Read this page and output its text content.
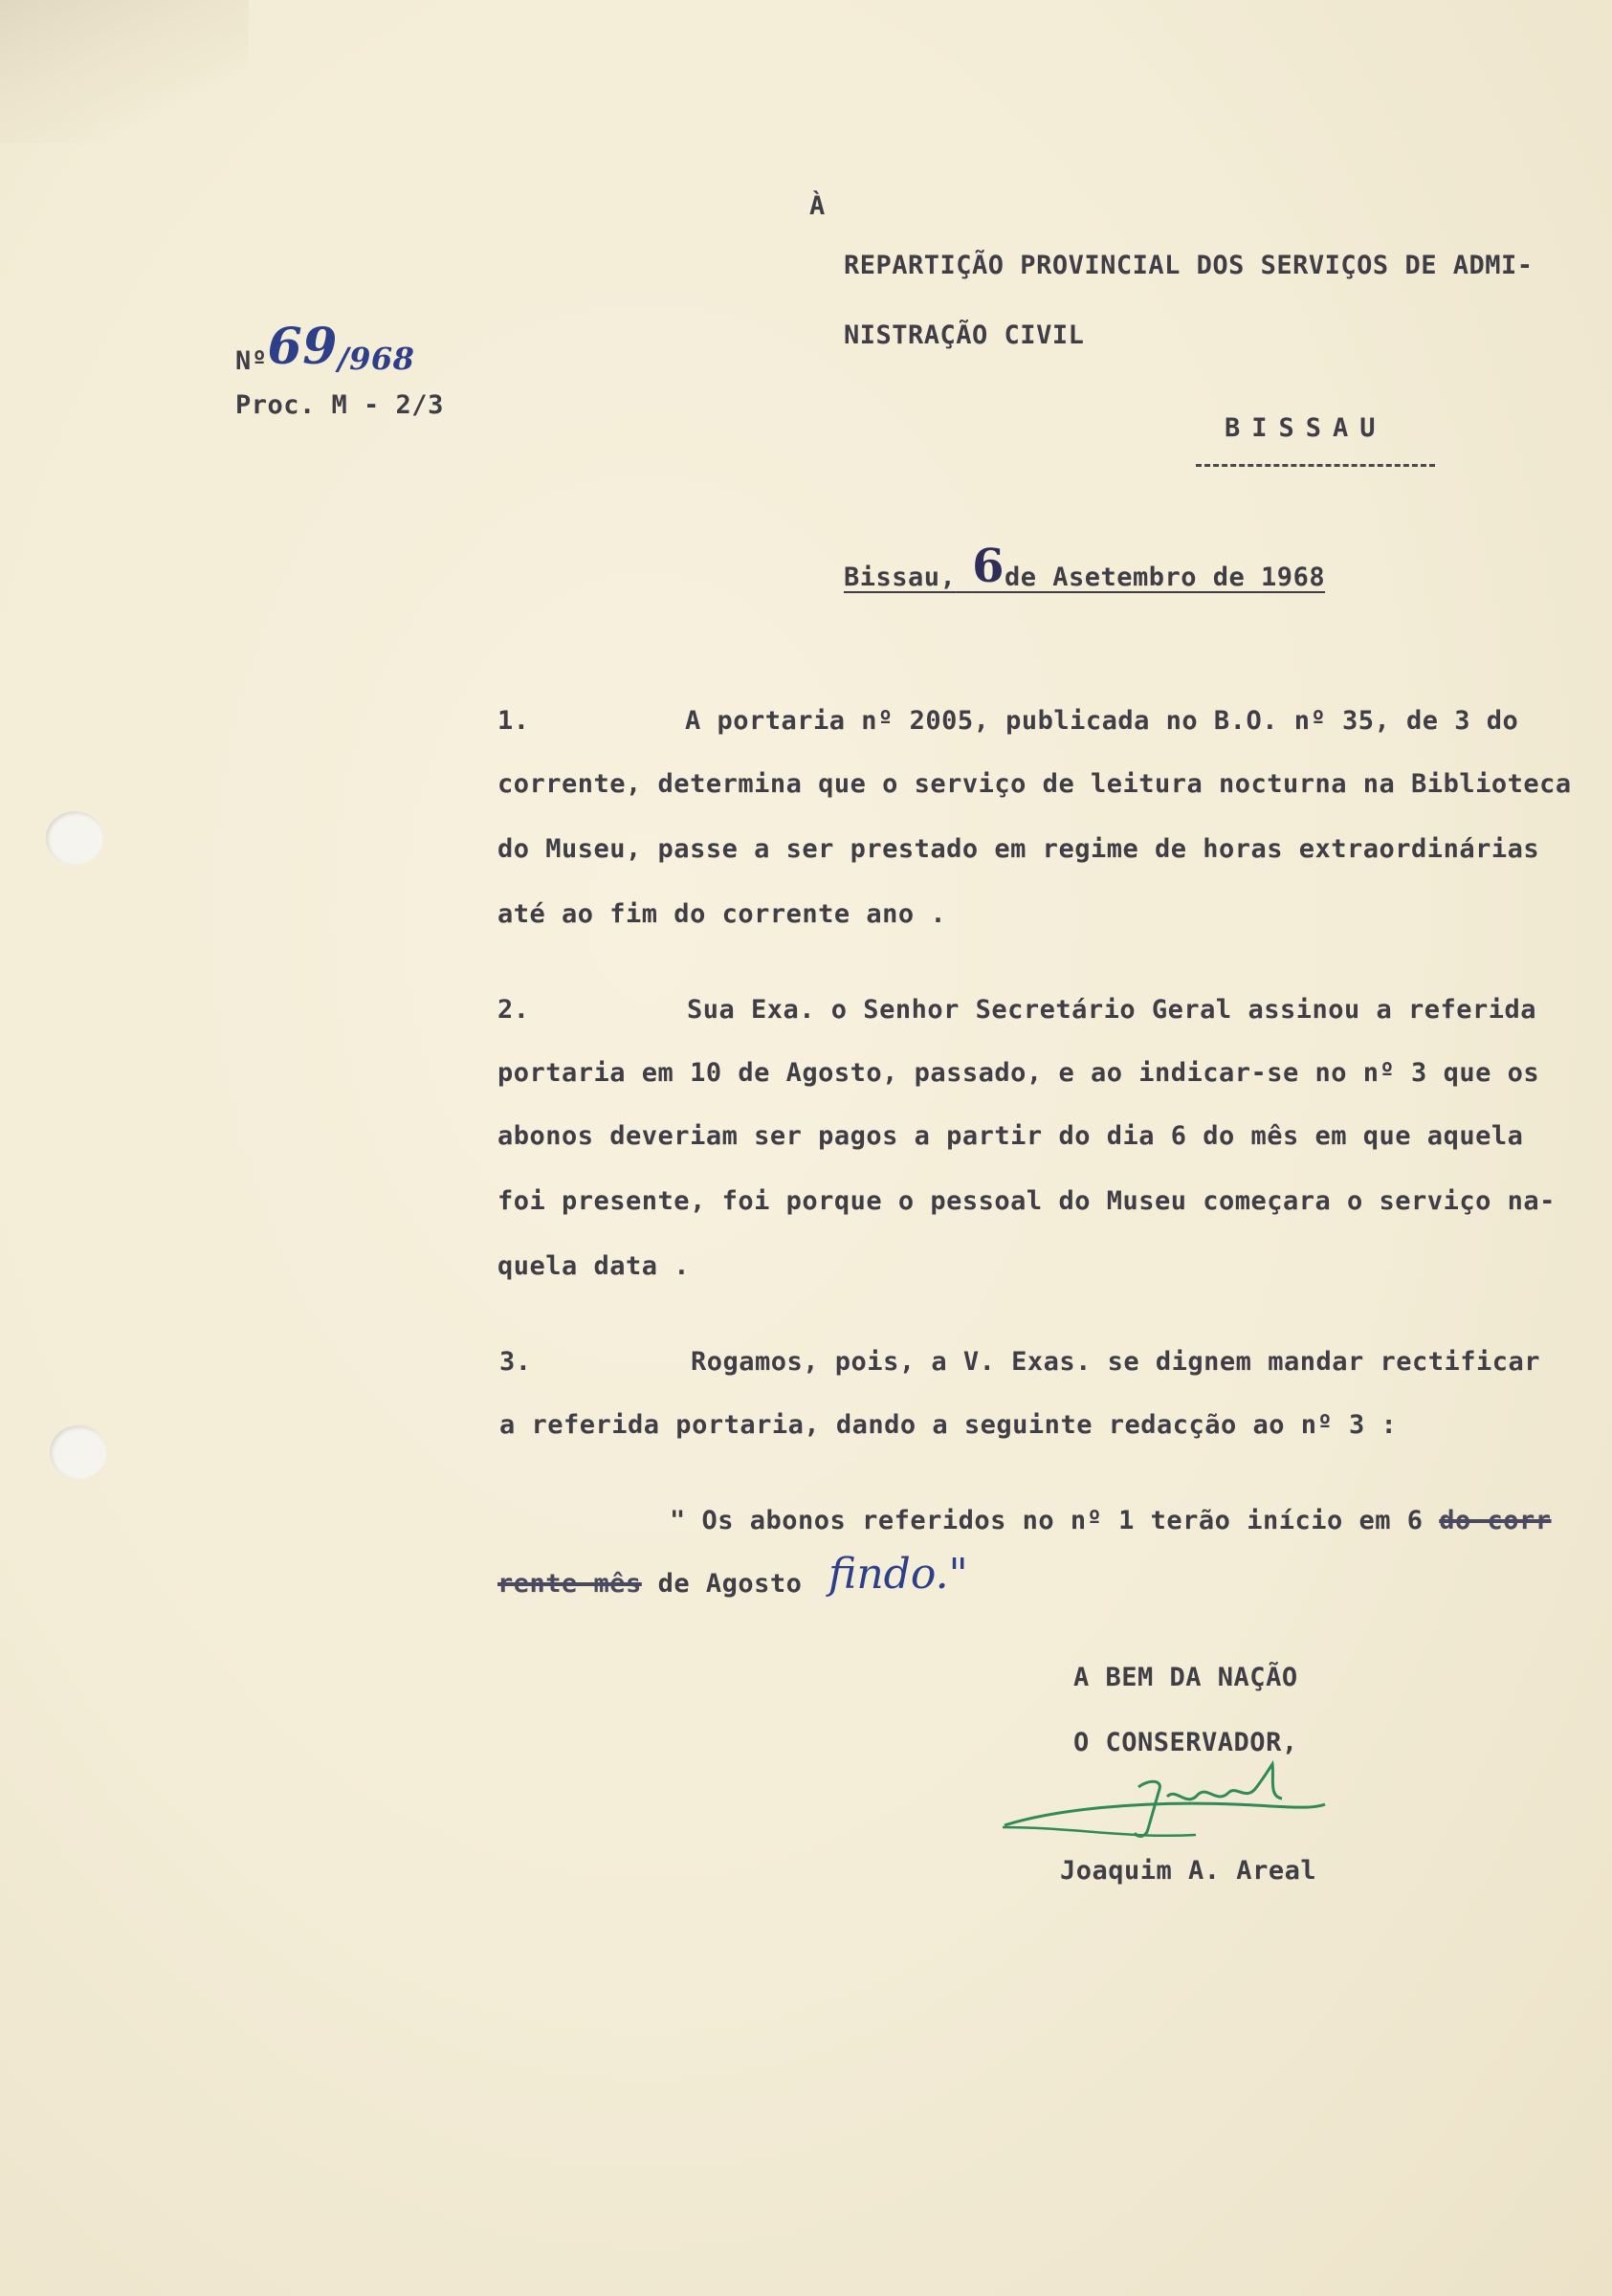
À
REPARTIÇÃO PROVINCIAL DOS SERVIÇOS DE ADMI-
NISTRAÇÃO CIVIL
BISSAU
Nº69/968
Proc. M - 2/3
Bissau, 6de Asetembro de 1968
1.	A portaria nº 2005, publicada no B.O. nº 35, de 3 do
corrente, determina que o serviço de leitura nocturna na Biblioteca
do Museu, passe a ser prestado em regime de horas extraordinárias
até ao fim do corrente ano .
2.	Sua Exa. o Senhor Secretário Geral assinou a referida
portaria em 10 de Agosto, passado, e ao indicar-se no nº 3 que os
abonos deveriam ser pagos a partir do dia 6 do mês em que aquela
foi presente, foi porque o pessoal do Museu começara o serviço na-
quela data .
3.	Rogamos, pois, a V. Exas. se dignem mandar rectificar
a referida portaria, dando a seguinte redacção ao nº 3 :
" Os abonos referidos no nº 1 terão início em 6 do corr
rente mês de Agosto findo."
A BEM DA NAÇÃO
O CONSERVADOR,
Joaquim A. Areal
